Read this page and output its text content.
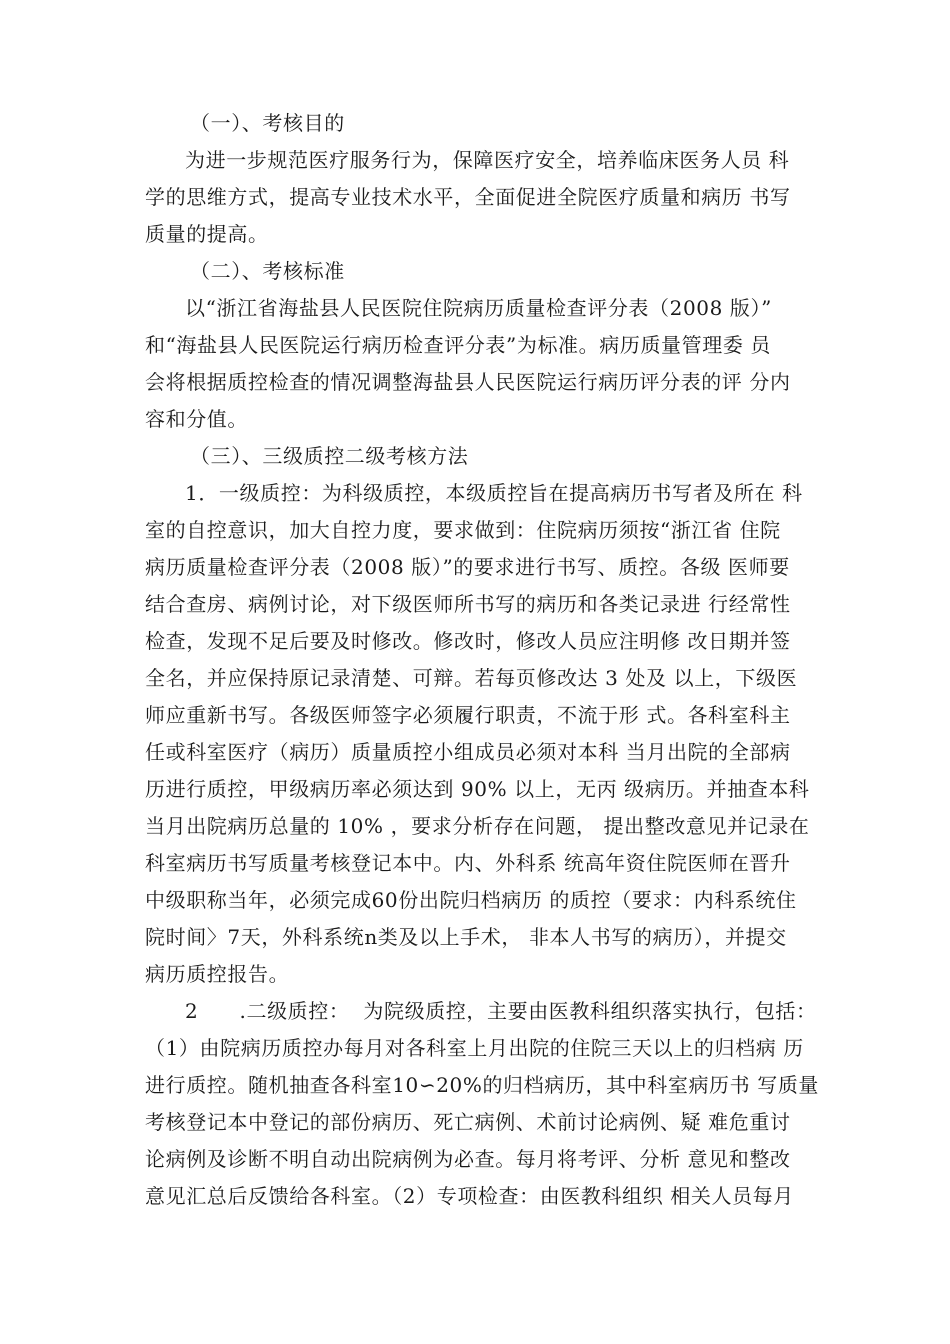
（一）、考核目的
为进一步规范医疗服务行为，保障医疗安全，培养临床医务人员 科
学的思维方式，提高专业技术水平，全面促进全院医疗质量和病历 书写
质量的提高。
（二）、考核标准
以“浙江省海盐县人民医院住院病历质量检查评分表（2008 版）”
和“海盐县人民医院运行病历检查评分表”为标准。病历质量管理委 员
会将根据质控检查的情况调整海盐县人民医院运行病历评分表的评 分内
容和分值。
（三）、三级质控二级考核方法
1．一级质控：为科级质控，本级质控旨在提高病历书写者及所在 科
室的自控意识，加大自控力度，要求做到：住院病历须按“浙江省 住院
病历质量检查评分表（2008 版）”的要求进行书写、质控。各级 医师要
结合查房、病例讨论，对下级医师所书写的病历和各类记录进 行经常性
检查，发现不足后要及时修改。修改时，修改人员应注明修 改日期并签
全名，并应保持原记录清楚、可辩。若每页修改达 3 处及 以上，下级医
师应重新书写。各级医师签字必须履行职责，不流于形 式。各科室科主
任或科室医疗（病历）质量质控小组成员必须对本科 当月出院的全部病
历进行质控，甲级病历率必须达到 90% 以上，无丙 级病历。并抽查本科
当月出院病历总量的 10% ，要求分析存在问题， 提出整改意见并记录在
科室病历书写质量考核登记本中。内、外科系 统高年资住院医师在晋升
中级职称当年，必须完成60份出院归档病历 的质控（要求：内科系统住
院时间〉7天，外科系统n类及以上手术， 非本人书写的病历），并提交
病历质控报告。
2　　.二级质控：  为院级质控，主要由医教科组织落实执行，包括：
（1）由院病历质控办每月对各科室上月出院的住院三天以上的归档病 历
进行质控。随机抽查各科室10∽20%的归档病历，其中科室病历书 写质量
考核登记本中登记的部份病历、死亡病例、术前讨论病例、疑 难危重讨
论病例及诊断不明自动出院病例为必查。每月将考评、分析 意见和整改
意见汇总后反馈给各科室。（2）专项检查：由医教科组织 相关人员每月
